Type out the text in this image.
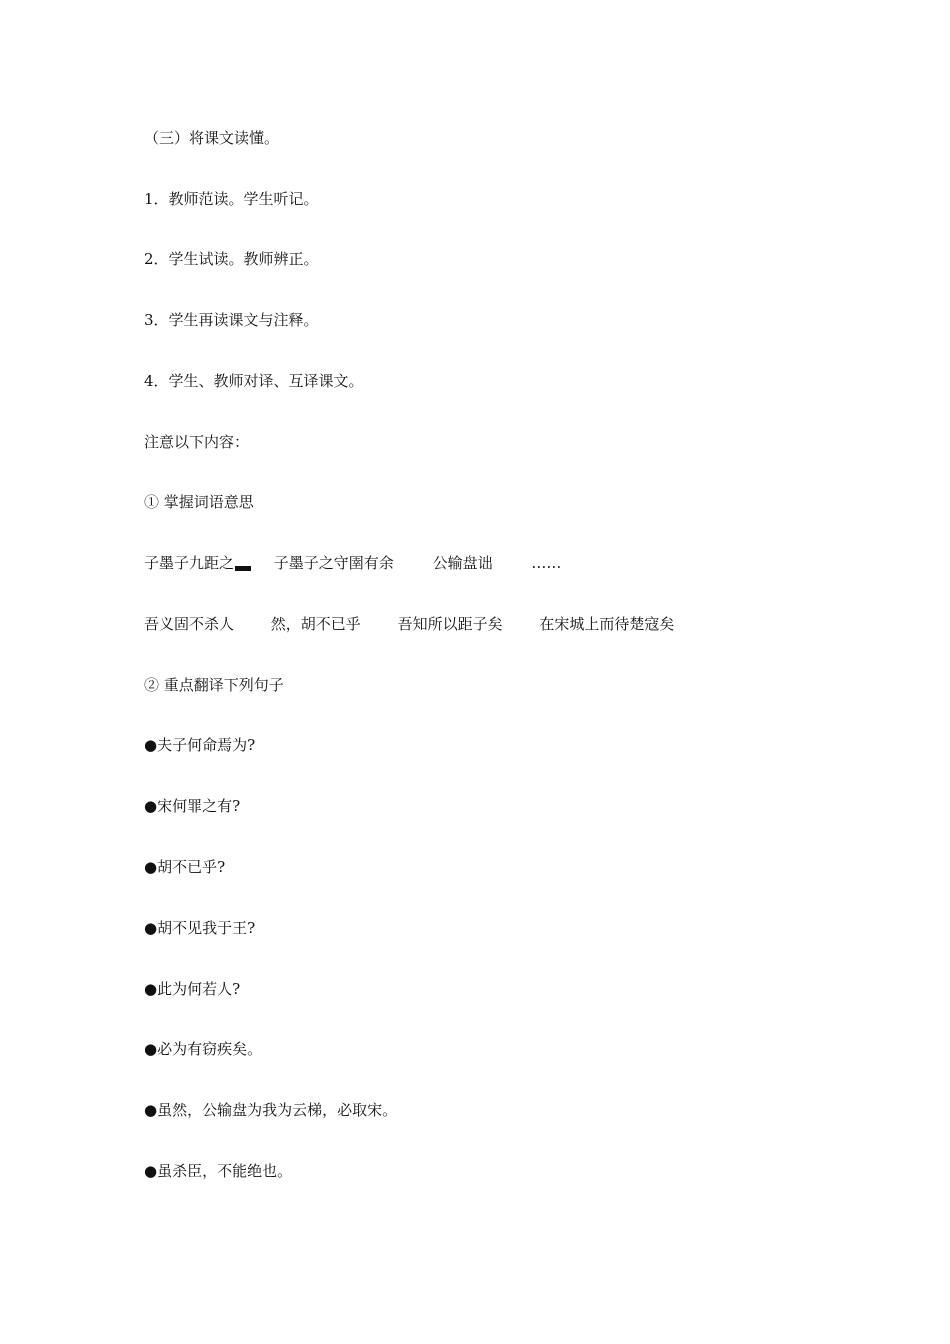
（三）将课文读懂。
1．教师范读。学生听记。
2．学生试读。教师辨正。
3．学生再读课文与注释。
4．学生、教师对译、互译课文。
注意以下内容：
① 掌握词语意思
子墨子九距之	子墨子之守圉有余	公输盘诎	……
吾义固不杀人 然，胡不已乎 吾知所以距子矣 在宋城上而待楚寇矣
② 重点翻译下列句子
●夫子何命焉为?
●宋何罪之有?
●胡不已乎?
●胡不见我于王?
●此为何若人?
●必为有窃疾矣。
●虽然，公输盘为我为云梯，必取宋。
●虽杀臣，不能绝也。
